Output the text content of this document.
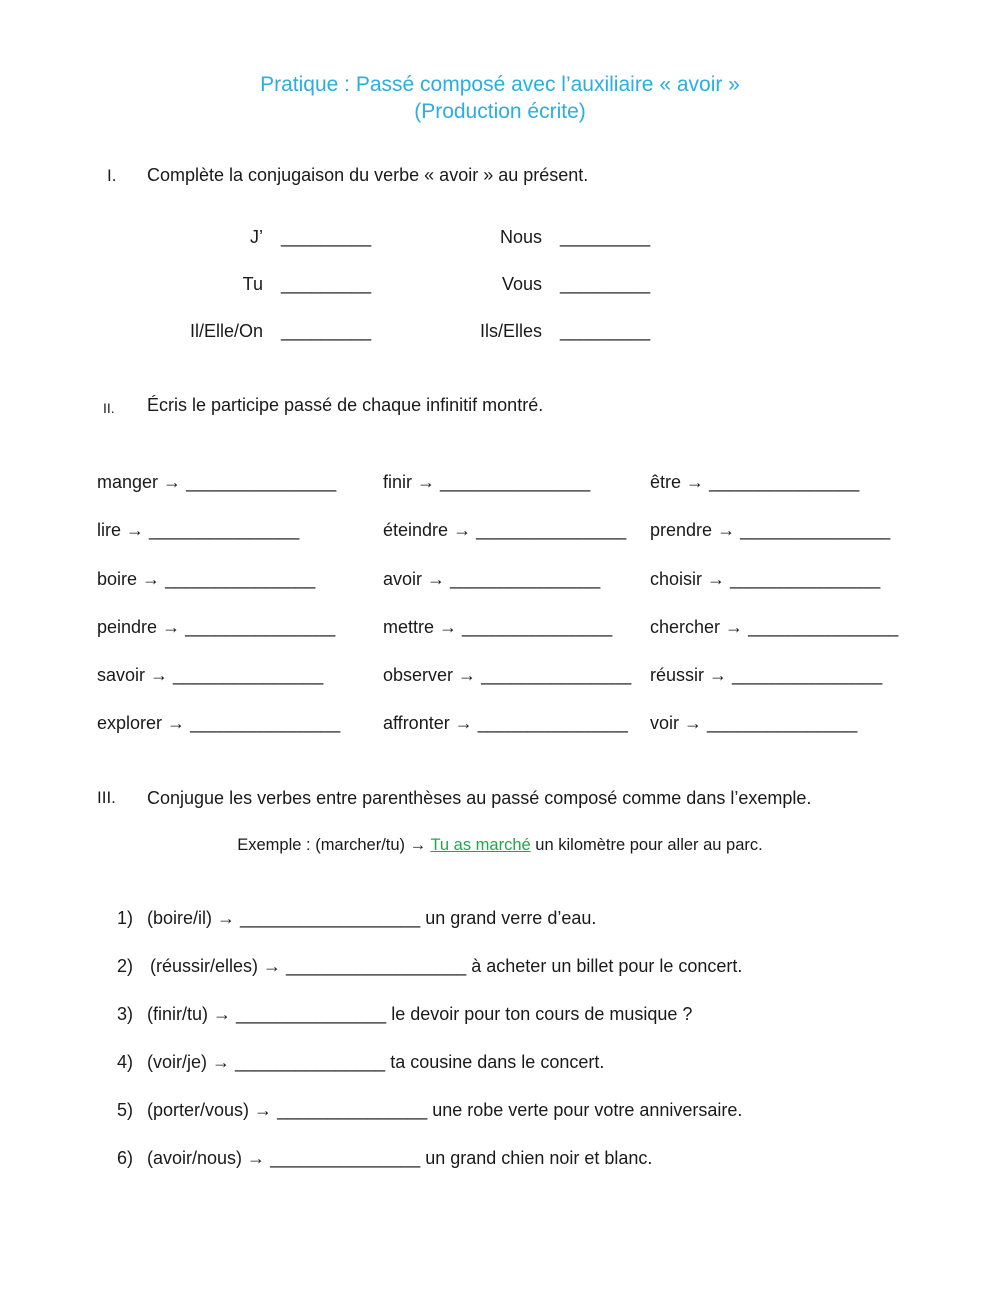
Pratique : Passé composé avec l’auxiliaire « avoir »
(Production écrite)
I. Complète la conjugaison du verbe « avoir » au présent.
J’ _________
Tu _________
Il/Elle/On _________
Nous _________
Vous _________
Ils/Elles _________
II. Écris le participe passé de chaque infinitif montré.
manger → _______________
lire → _______________
boire → _______________
peindre → _______________
savoir → _______________
explorer → _______________
finir → _______________
éteindre → _______________
avoir → _______________
mettre → _______________
observer → _______________
affronter → _______________
être → _______________
prendre → _______________
choisir → _______________
chercher → _______________
réussir → _______________
voir → _______________
III. Conjugue les verbes entre parenthèses au passé composé comme dans l’exemple.
Exemple : (marcher/tu) → Tu as marché un kilomètre pour aller au parc.
1) (boire/il) → __________________ un grand verre d’eau.
2) (réussir/elles) → __________________ à acheter un billet pour le concert.
3) (finir/tu) → _______________ le devoir pour ton cours de musique ?
4) (voir/je) → _______________ ta cousine dans le concert.
5) (porter/vous) → _______________ une robe verte pour votre anniversaire.
6) (avoir/nous) → _______________ un grand chien noir et blanc.
